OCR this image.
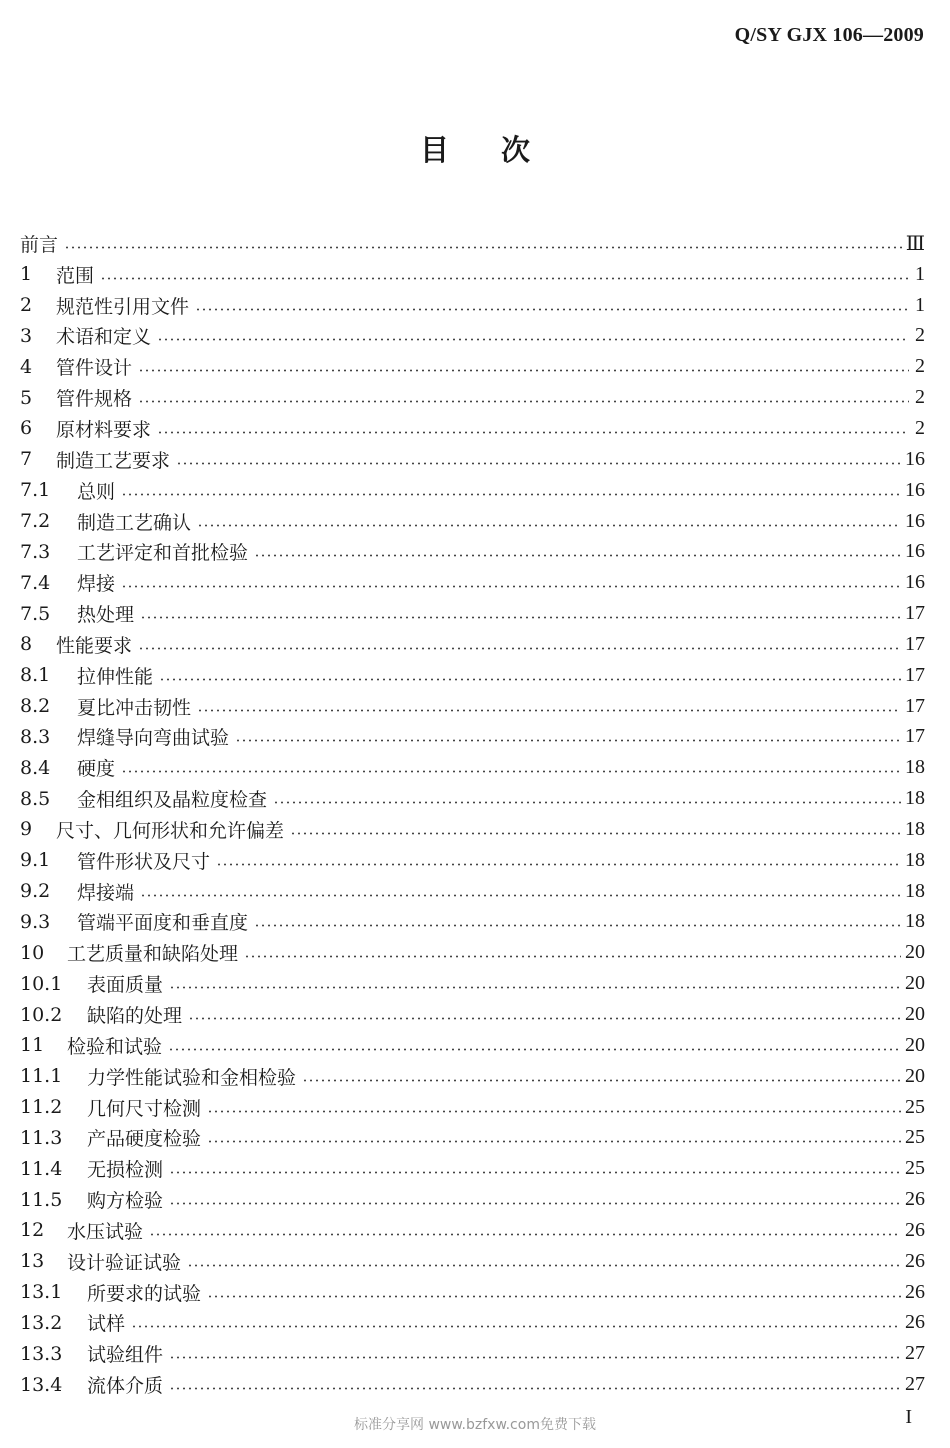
Q/SY GJX 106—2009
目次
前言	Ⅲ
1	范围	1
2	规范性引用文件	1
3	术语和定义	2
4	管件设计	2
5	管件规格	2
6	原材料要求	2
7	制造工艺要求	16
7.1	总则	16
7.2	制造工艺确认	16
7.3	工艺评定和首批检验	16
7.4	焊接	16
7.5	热处理	17
8	性能要求	17
8.1	拉伸性能	17
8.2	夏比冲击韧性	17
8.3	焊缝导向弯曲试验	17
8.4	硬度	18
8.5	金相组织及晶粒度检查	18
9	尺寸、几何形状和允许偏差	18
9.1	管件形状及尺寸	18
9.2	焊接端	18
9.3	管端平面度和垂直度	18
10	工艺质量和缺陷处理	20
10.1	表面质量	20
10.2	缺陷的处理	20
11	检验和试验	20
11.1	力学性能试验和金相检验	20
11.2	几何尺寸检测	25
11.3	产品硬度检验	25
11.4	无损检测	25
11.5	购方检验	26
12	水压试验	26
13	设计验证试验	26
13.1	所要求的试验	26
13.2	试样	26
13.3	试验组件	27
13.4	流体介质	27
标准分享网 www.bzfxw.com免费下载	I
